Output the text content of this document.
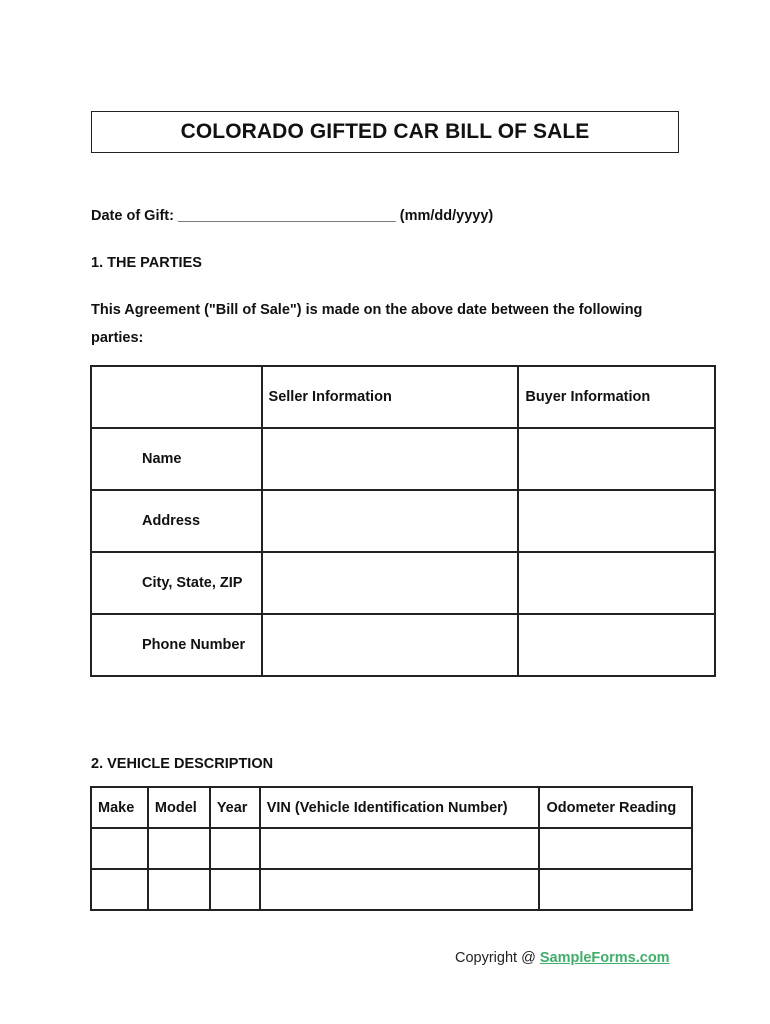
COLORADO GIFTED CAR BILL OF SALE
Date of Gift: ___________________________ (mm/dd/yyyy)
1. THE PARTIES
This Agreement ("Bill of Sale") is made on the above date between the following parties:
	Seller Information	Buyer Information
Name		
Address		
City, State, ZIP		
Phone Number		
2. VEHICLE DESCRIPTION
Make	Model	Year	VIN (Vehicle Identification Number)	Odometer Reading

Copyright @ SampleForms.com
